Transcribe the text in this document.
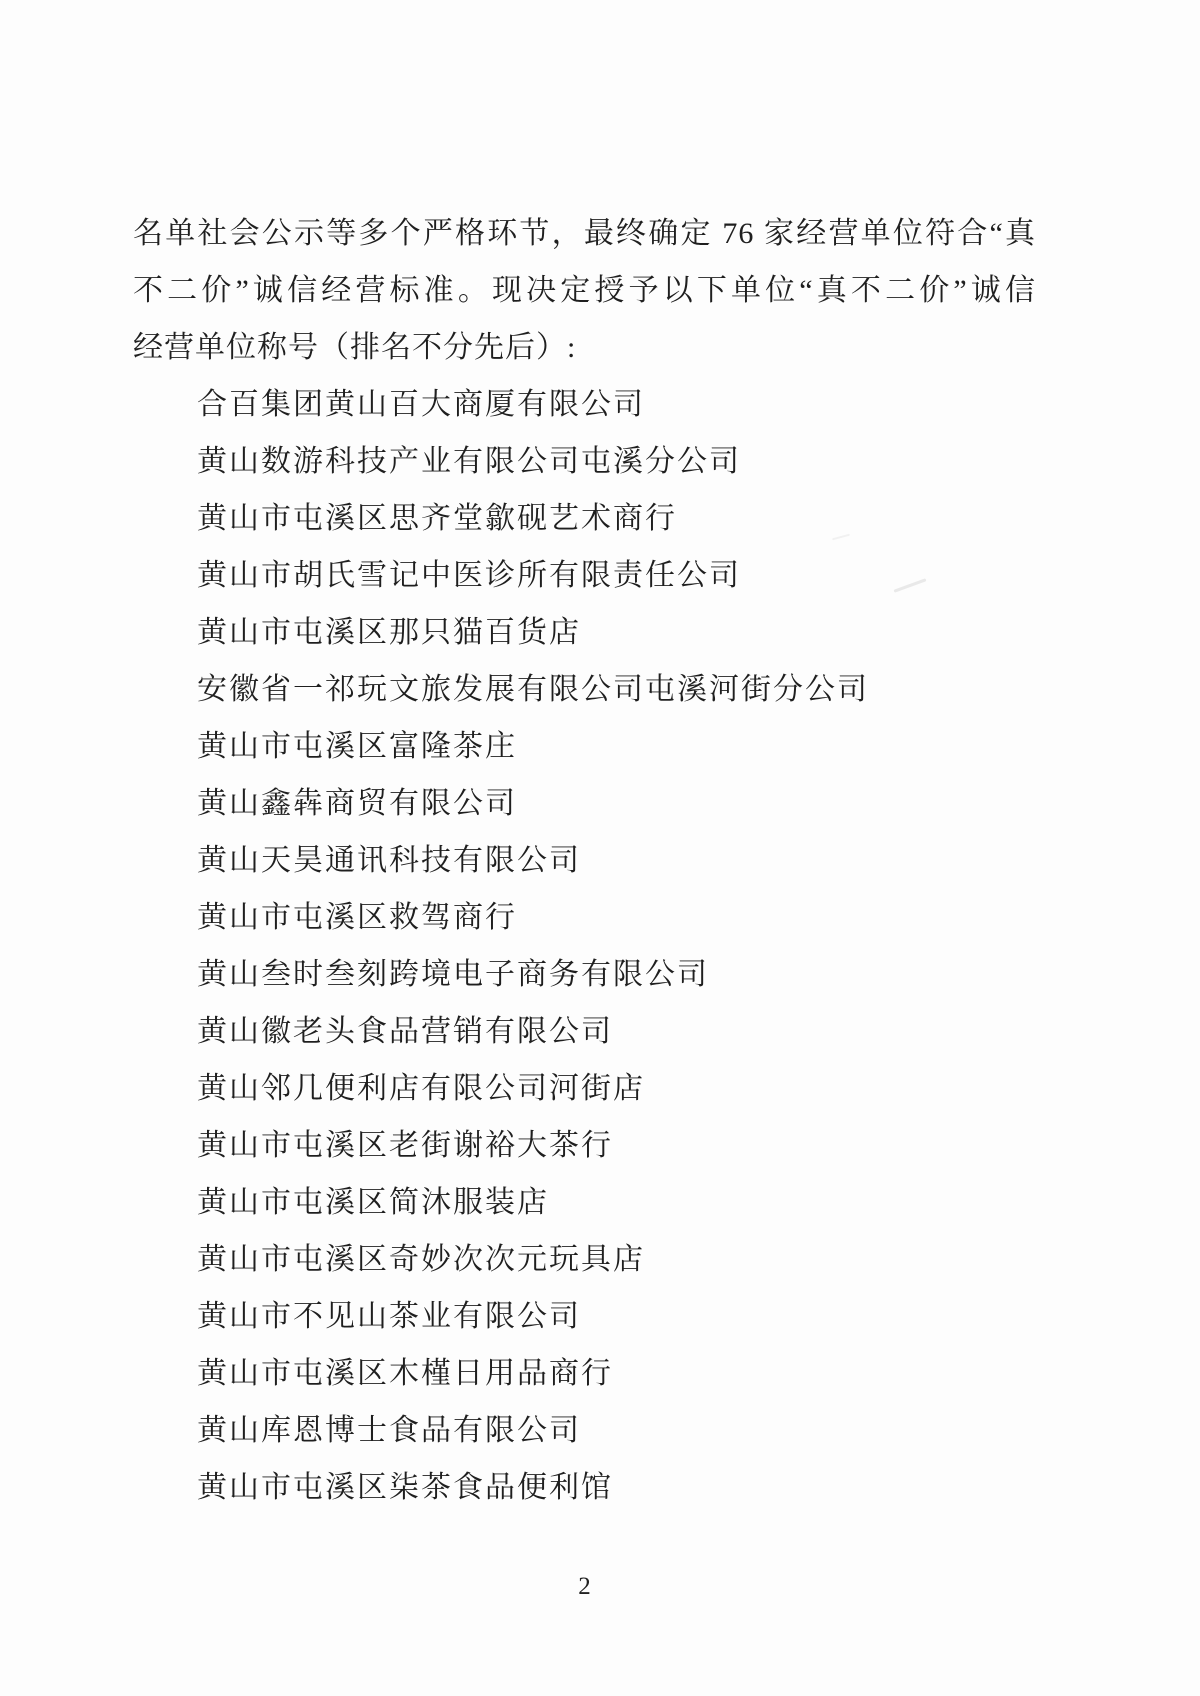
名单社会公示等多个严格环节，最终确定 76 家经营单位符合“真
不二价”诚信经营标准。现决定授予以下单位“真不二价”诚信
经营单位称号（排名不分先后）:
合百集团黄山百大商厦有限公司
黄山数游科技产业有限公司屯溪分公司
黄山市屯溪区思齐堂歙砚艺术商行
黄山市胡氏雪记中医诊所有限责任公司
黄山市屯溪区那只猫百货店
安徽省一祁玩文旅发展有限公司屯溪河街分公司
黄山市屯溪区富隆茶庄
黄山鑫犇商贸有限公司
黄山天昊通讯科技有限公司
黄山市屯溪区救驾商行
黄山叁时叁刻跨境电子商务有限公司
黄山徽老头食品营销有限公司
黄山邻几便利店有限公司河街店
黄山市屯溪区老街谢裕大茶行
黄山市屯溪区简沐服装店
黄山市屯溪区奇妙次次元玩具店
黄山市不见山茶业有限公司
黄山市屯溪区木槿日用品商行
黄山库恩博士食品有限公司
黄山市屯溪区柒茶食品便利馆
2
